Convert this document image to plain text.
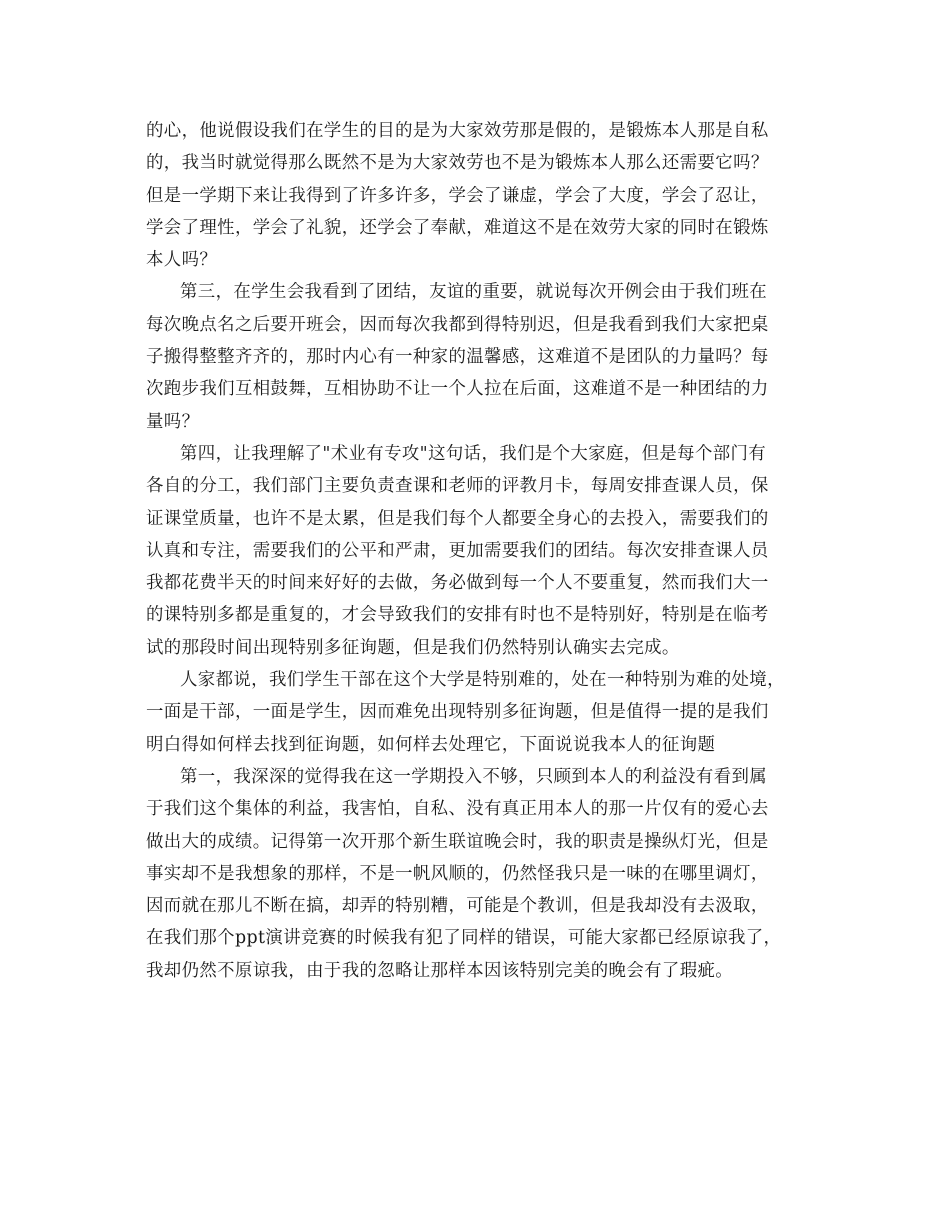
的心，他说假设我们在学生的目的是为大家效劳那是假的，是锻炼本人那是自私
的，我当时就觉得那么既然不是为大家效劳也不是为锻炼本人那么还需要它吗？
但是一学期下来让我得到了许多许多，学会了谦虚，学会了大度，学会了忍让，
学会了理性，学会了礼貌，还学会了奉献，难道这不是在效劳大家的同时在锻炼
本人吗？
第三，在学生会我看到了团结，友谊的重要，就说每次开例会由于我们班在
每次晚点名之后要开班会，因而每次我都到得特别迟，但是我看到我们大家把桌
子搬得整整齐齐的，那时内心有一种家的温馨感，这难道不是团队的力量吗？每
次跑步我们互相鼓舞，互相协助不让一个人拉在后面，这难道不是一种团结的力
量吗？
第四，让我理解了"术业有专攻"这句话，我们是个大家庭，但是每个部门有
各自的分工，我们部门主要负责查课和老师的评教月卡，每周安排查课人员，保
证课堂质量，也许不是太累，但是我们每个人都要全身心的去投入，需要我们的
认真和专注，需要我们的公平和严肃，更加需要我们的团结。每次安排查课人员
我都花费半天的时间来好好的去做，务必做到每一个人不要重复，然而我们大一
的课特别多都是重复的，才会导致我们的安排有时也不是特别好，特别是在临考
试的那段时间出现特别多征询题，但是我们仍然特别认确实去完成。
人家都说，我们学生干部在这个大学是特别难的，处在一种特别为难的处境，
一面是干部，一面是学生，因而难免出现特别多征询题，但是值得一提的是我们
明白得如何样去找到征询题，如何样去处理它，下面说说我本人的征询题
第一，我深深的觉得我在这一学期投入不够，只顾到本人的利益没有看到属
于我们这个集体的利益，我害怕，自私、没有真正用本人的那一片仅有的爱心去
做出大的成绩。记得第一次开那个新生联谊晚会时，我的职责是操纵灯光，但是
事实却不是我想象的那样，不是一帆风顺的，仍然怪我只是一味的在哪里调灯，
因而就在那儿不断在搞，却弄的特别糟，可能是个教训，但是我却没有去汲取，
在我们那个ppt演讲竞赛的时候我有犯了同样的错误，可能大家都已经原谅我了，
我却仍然不原谅我，由于我的忽略让那样本因该特别完美的晚会有了瑕疵。
